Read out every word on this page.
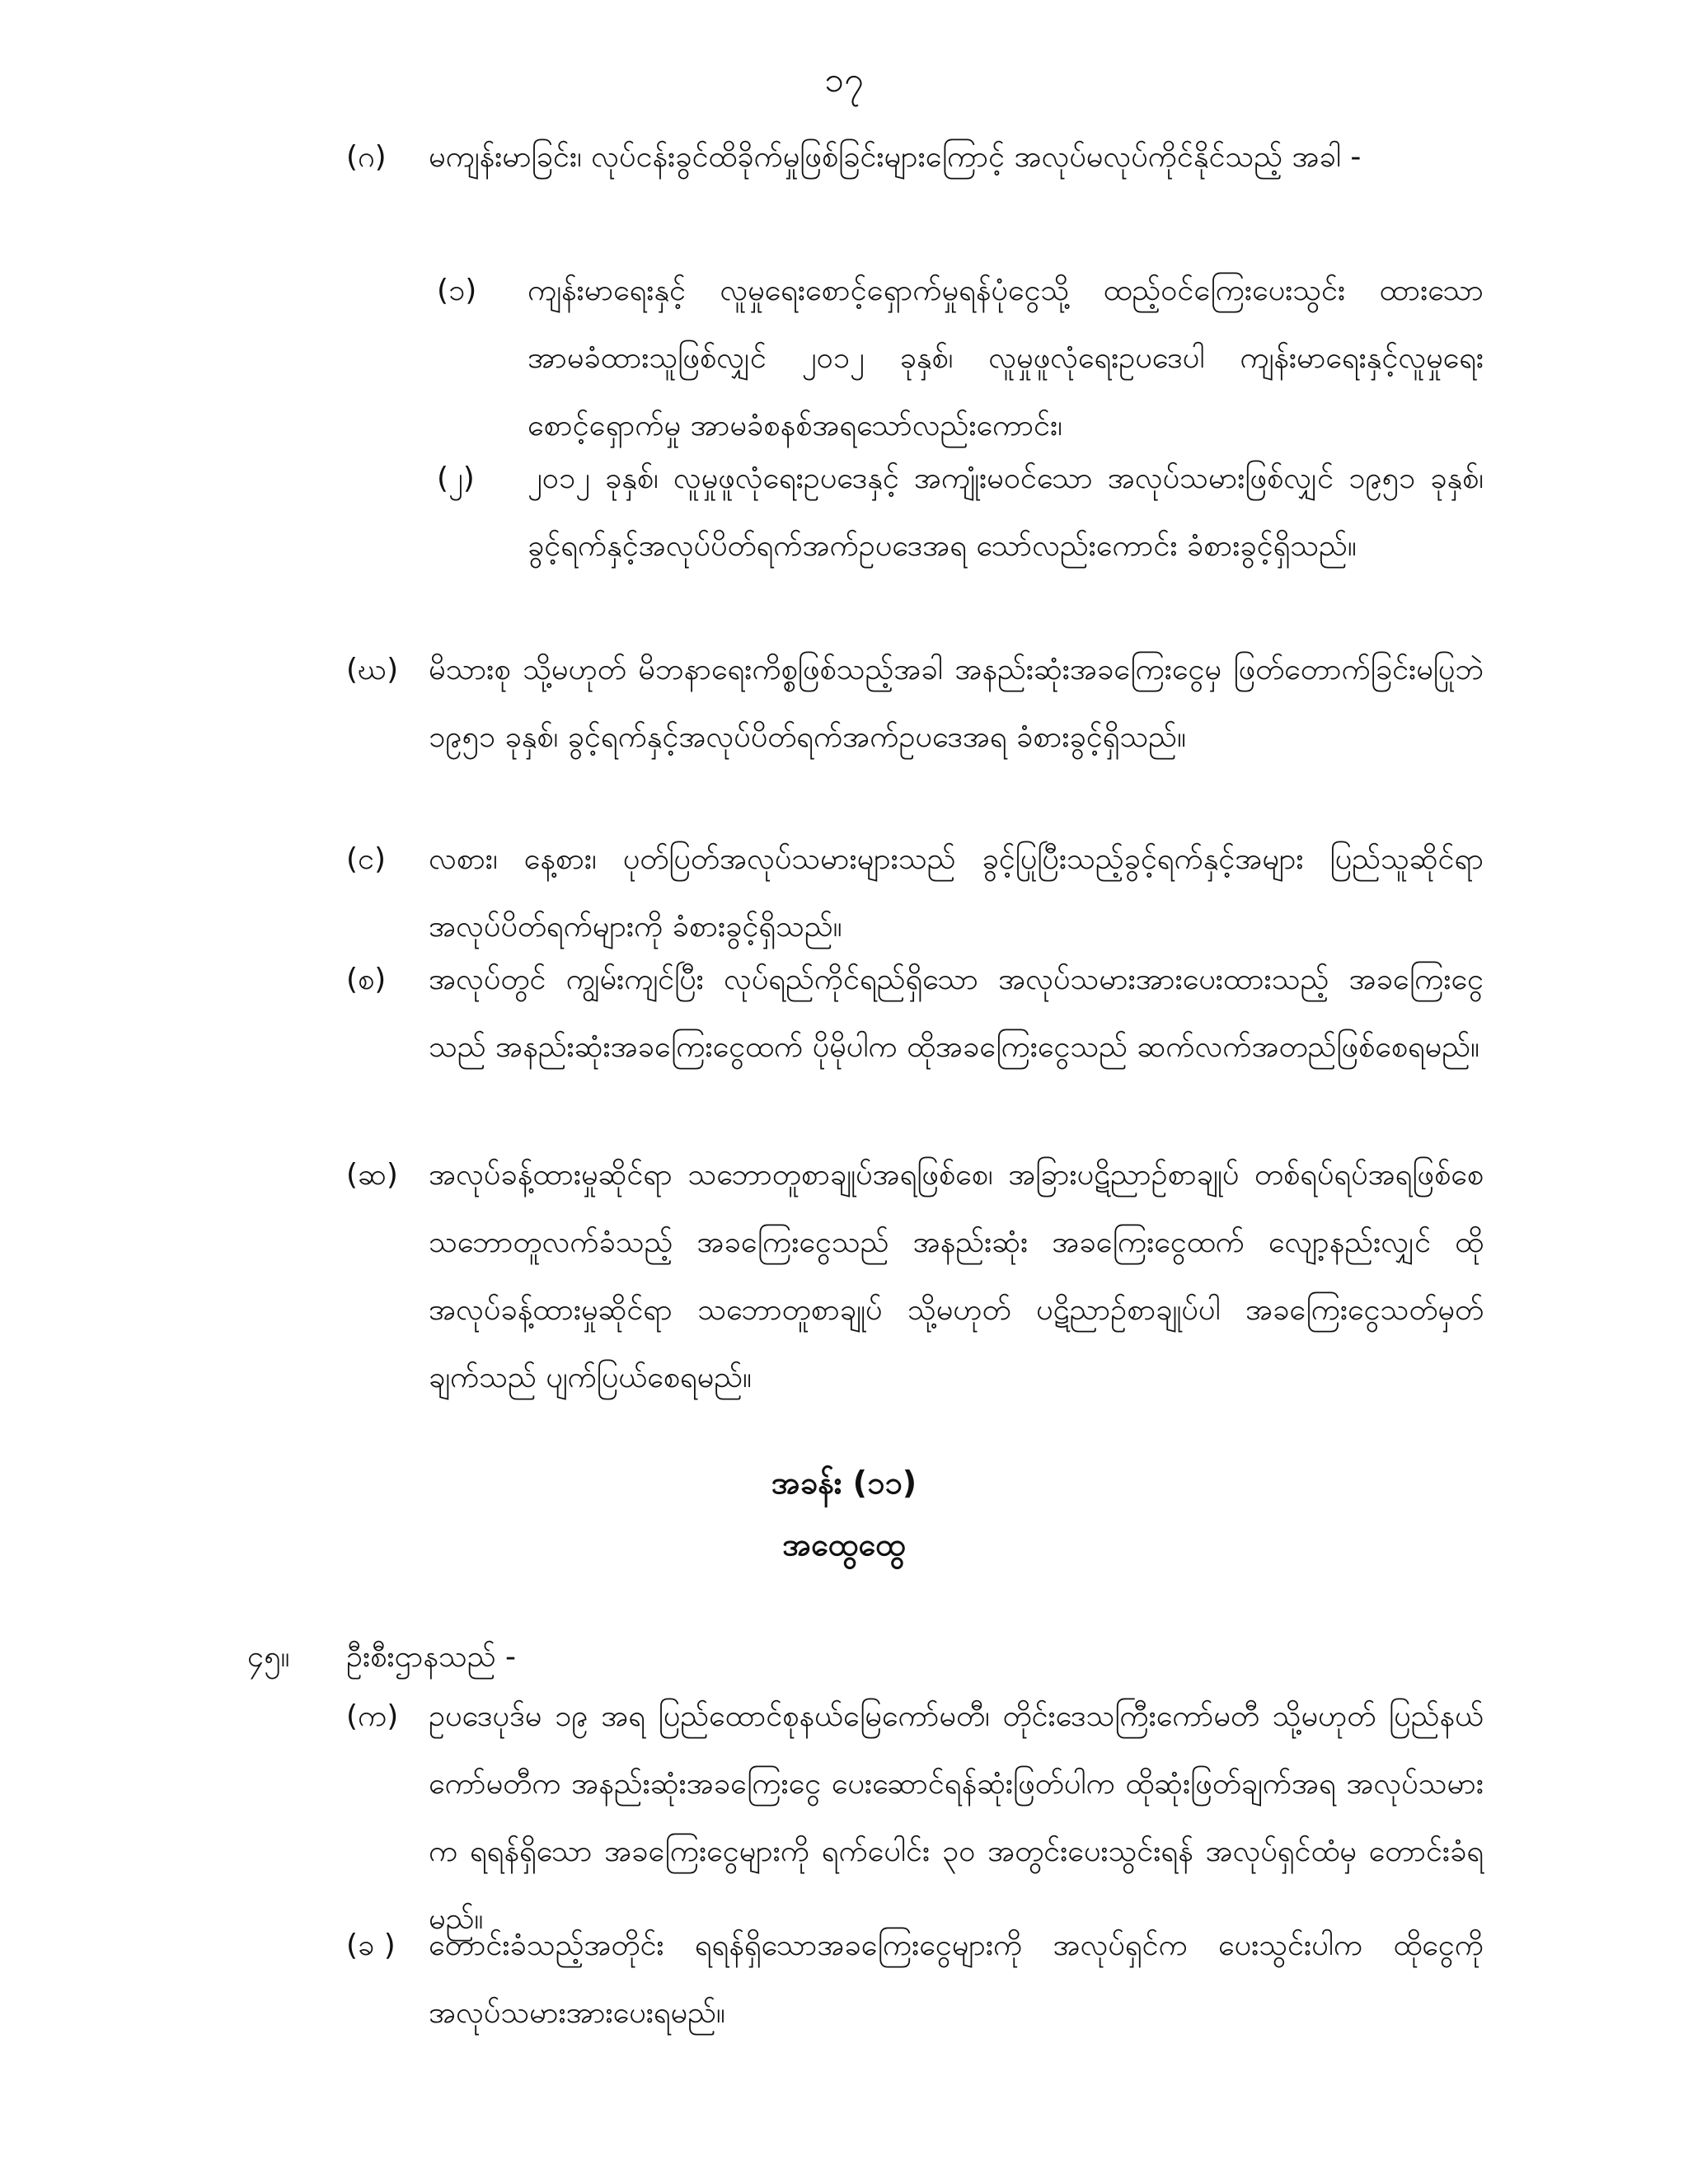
၁၇
(ဂ)	မကျန်းမာခြင်း၊ လုပ်ငန်းခွင်ထိခိုက်မှုဖြစ်ခြင်းများကြောင့် အလုပ်မလုပ်ကိုင်နိုင်သည့် အခါ -
(၁)	ကျန်းမာရေးနှင့် လူမှုရေးစောင့်ရှောက်မှုရန်ပုံငွေသို့ ထည့်ဝင်ကြေးပေးသွင်း ထားသော အာမခံထားသူဖြစ်လျှင် ၂၀၁၂ ခုနှစ်၊ လူမှုဖူလုံရေးဥပဒေပါ ကျန်းမာရေးနှင့်လူမှုရေးစောင့်ရှောက်မှု အာမခံစနစ်အရသော်လည်းကောင်း၊
(၂)	၂၀၁၂ ခုနှစ်၊ လူမှုဖူလုံရေးဥပဒေနှင့် အကျုံးမဝင်သော အလုပ်သမားဖြစ်လျှင် ၁၉၅၁ ခုနှစ်၊ ခွင့်ရက်နှင့်အလုပ်ပိတ်ရက်အက်ဥပဒေအရ သော်လည်းကောင်း ခံစားခွင့်ရှိသည်။
(ဃ)	မိသားစု သို့မဟုတ် မိဘနာရေးကိစ္စဖြစ်သည့်အခါ အနည်းဆုံးအခကြေးငွေမှ ဖြတ်တောက်ခြင်းမပြုဘဲ ၁၉၅၁ ခုနှစ်၊ ခွင့်ရက်နှင့်အလုပ်ပိတ်ရက်အက်ဥပဒေအရ ခံစားခွင့်ရှိသည်။
(င)	လစား၊ နေ့စား၊ ပုတ်ပြတ်အလုပ်သမားများသည် ခွင့်ပြုပြီးသည့်ခွင့်ရက်နှင့်အများ ပြည်သူဆိုင်ရာ အလုပ်ပိတ်ရက်များကို ခံစားခွင့်ရှိသည်။
(စ)	အလုပ်တွင် ကျွမ်းကျင်ပြီး လုပ်ရည်ကိုင်ရည်ရှိသော အလုပ်သမားအားပေးထားသည့် အခကြေးငွေသည် အနည်းဆုံးအခကြေးငွေထက် ပိုမိုပါက ထိုအခကြေးငွေသည် ဆက်လက်အတည်ဖြစ်စေရမည်။
(ဆ)	အလုပ်ခန့်ထားမှုဆိုင်ရာ သဘောတူစာချုပ်အရဖြစ်စေ၊ အခြားပဋိညာဉ်စာချုပ် တစ်ရပ်ရပ်အရဖြစ်စေ သဘောတူလက်ခံသည့် အခကြေးငွေသည် အနည်းဆုံး အခကြေးငွေထက် လျော့နည်းလျှင် ထိုအလုပ်ခန့်ထားမှုဆိုင်ရာ သဘောတူစာချုပ် သို့မဟုတ် ပဋိညာဉ်စာချုပ်ပါ အခကြေးငွေသတ်မှတ်ချက်သည် ပျက်ပြယ်စေရမည်။
အခန်း (၁၁)
အထွေထွေ
၄၅။	ဦးစီးဌာနသည် -
(က)	ဥပဒေပုဒ်မ ၁၉ အရ ပြည်ထောင်စုနယ်မြေကော်မတီ၊ တိုင်းဒေသကြီးကော်မတီ သို့မဟုတ် ပြည်နယ်ကော်မတီက အနည်းဆုံးအခကြေးငွေ ပေးဆောင်ရန်ဆုံးဖြတ်ပါက ထိုဆုံးဖြတ်ချက်အရ အလုပ်သမားက ရရန်ရှိသော အခကြေးငွေများကို ရက်ပေါင်း ၃၀ အတွင်းပေးသွင်းရန် အလုပ်ရှင်ထံမှ တောင်းခံရမည်။
(ခ )	တောင်းခံသည့်အတိုင်း ရရန်ရှိသောအခကြေးငွေများကို အလုပ်ရှင်က ပေးသွင်းပါက ထိုငွေကို အလုပ်သမားအားပေးရမည်။
